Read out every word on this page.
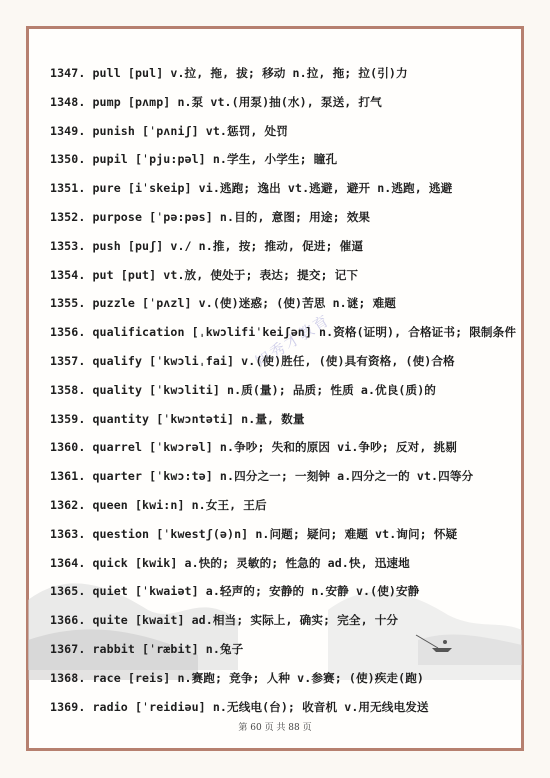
知秀才教育
1347. pull [pul] v.拉, 拖, 拔; 移动 n.拉, 拖; 拉(引)力
1348. pump [pʌmp] n.泵 vt.(用泵)抽(水), 泵送, 打气
1349. punish [ˈpʌniʃ] vt.惩罚, 处罚
1350. pupil [ˈpju:pəl] n.学生, 小学生; 瞳孔
1351. pure [iˈskeip] vi.逃跑; 逸出 vt.逃避, 避开 n.逃跑, 逃避
1352. purpose [ˈpə:pəs] n.目的, 意图; 用途; 效果
1353. push [puʃ] v./ n.推, 按; 推动, 促进; 催逼
1354. put [put] vt.放, 使处于; 表达; 提交; 记下
1355. puzzle [ˈpʌzl] v.(使)迷惑; (使)苦思 n.谜; 难题
1356. qualification [ˌkwɔlifiˈkeiʃən] n.资格(证明), 合格证书; 限制条件
1357. qualify [ˈkwɔliˌfai] v.(使)胜任, (使)具有资格, (使)合格
1358. quality [ˈkwɔliti] n.质(量); 品质; 性质 a.优良(质)的
1359. quantity [ˈkwɔntəti] n.量, 数量
1360. quarrel [ˈkwɔrəl] n.争吵; 失和的原因 vi.争吵; 反对, 挑剔
1361. quarter [ˈkwɔ:tə] n.四分之一; 一刻钟 a.四分之一的 vt.四等分
1362. queen [kwi:n] n.女王, 王后
1363. question [ˈkwestʃ(ə)n] n.问题; 疑问; 难题 vt.询问; 怀疑
1364. quick [kwik] a.快的; 灵敏的; 性急的 ad.快, 迅速地
1365. quiet [ˈkwaiət] a.轻声的; 安静的 n.安静 v.(使)安静
1366. quite [kwait] ad.相当; 实际上, 确实; 完全, 十分
1367. rabbit [ˈræbit] n.兔子
1368. race [reis] n.赛跑; 竞争; 人种 v.参赛; (使)疾走(跑)
1369. radio [ˈreidiəu] n.无线电(台); 收音机 v.用无线电发送
第 60 页 共 88 页
